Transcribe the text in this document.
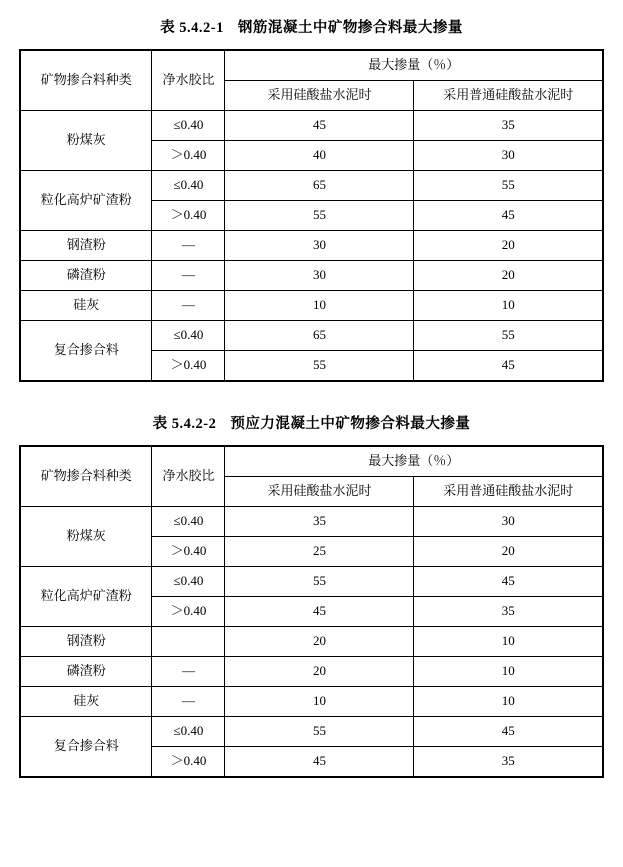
表 5.4.2-1 钢筋混凝土中矿物掺合料最大掺量
矿物掺合料种类	净水胶比	最大掺量（％）	
		采用硅酸盐水泥时	采用普通硅酸盐水泥时
粉煤灰	≤0.40	45	35
	＞0.40	40	30
粒化高炉矿渣粉	≤0.40	65	55
	＞0.40	55	45
钢渣粉	—	30	20
磷渣粉	—	30	20
硅灰	—	10	10
复合掺合料	≤0.40	65	55
	＞0.40	55	45
表 5.4.2-2 预应力混凝土中矿物掺合料最大掺量
矿物掺合料种类	净水胶比	最大掺量（％）	
		采用硅酸盐水泥时	采用普通硅酸盐水泥时
粉煤灰	≤0.40	35	30
	＞0.40	25	20
粒化高炉矿渣粉	≤0.40	55	45
	＞0.40	45	35
钢渣粉		20	10
磷渣粉	—	20	10
硅灰	—	10	10
复合掺合料	≤0.40	55	45
	＞0.40	45	35
